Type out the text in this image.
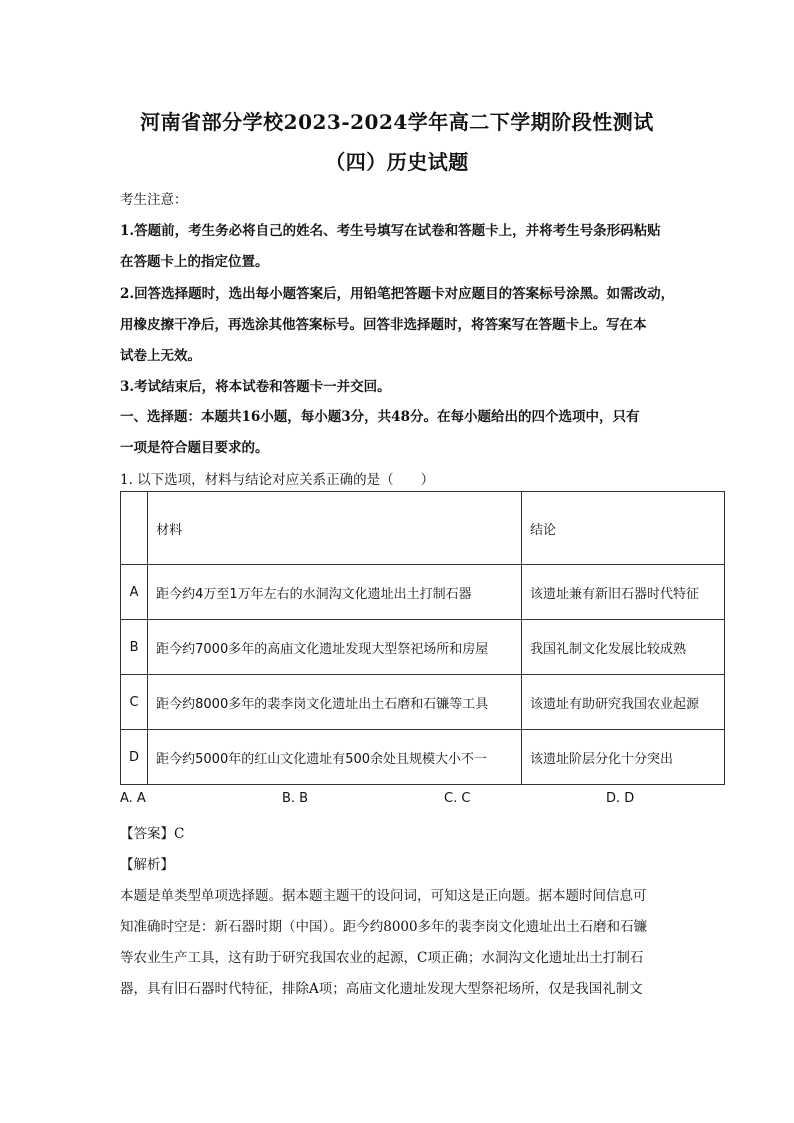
河南省部分学校2023-2024学年高二下学期阶段性测试
（四）历史试题
考生注意：
1.答题前，考生务必将自己的姓名、考生号填写在试卷和答题卡上，并将考生号条形码粘贴
在答题卡上的指定位置。
2.回答选择题时，选出每小题答案后，用铅笔把答题卡对应题目的答案标号涂黑。如需改动，
用橡皮擦干净后，再选涂其他答案标号。回答非选择题时，将答案写在答题卡上。写在本
试卷上无效。
3.考试结束后，将本试卷和答题卡一并交回。
一、选择题：本题共16小题，每小题3分，共48分。在每小题给出的四个选项中，只有
一项是符合题目要求的。
1. 以下选项，材料与结论对应关系正确的是（　　）
	材料	结论
A	距今约4万至1万年左右的水洞沟文化遗址出土打制石器	该遗址兼有新旧石器时代特征
B	距今约7000多年的高庙文化遗址发现大型祭祀场所和房屋	我国礼制文化发展比较成熟
C	距今约8000多年的裴李岗文化遗址出土石磨和石镰等工具	该遗址有助研究我国农业起源
D	距今约5000年的红山文化遗址有500余处且规模大小不一	该遗址阶层分化十分突出
A. A	B. B	C. C	D. D
【答案】C
【解析】
本题是单类型单项选择题。据本题主题干的设问词，可知这是正向题。据本题时间信息可
知准确时空是：新石器时期（中国）。距今约8000多年的裴李岗文化遗址出土石磨和石镰
等农业生产工具，这有助于研究我国农业的起源，C项正确；水洞沟文化遗址出土打制石
器，具有旧石器时代特征，排除A项；高庙文化遗址发现大型祭祀场所，仅是我国礼制文
